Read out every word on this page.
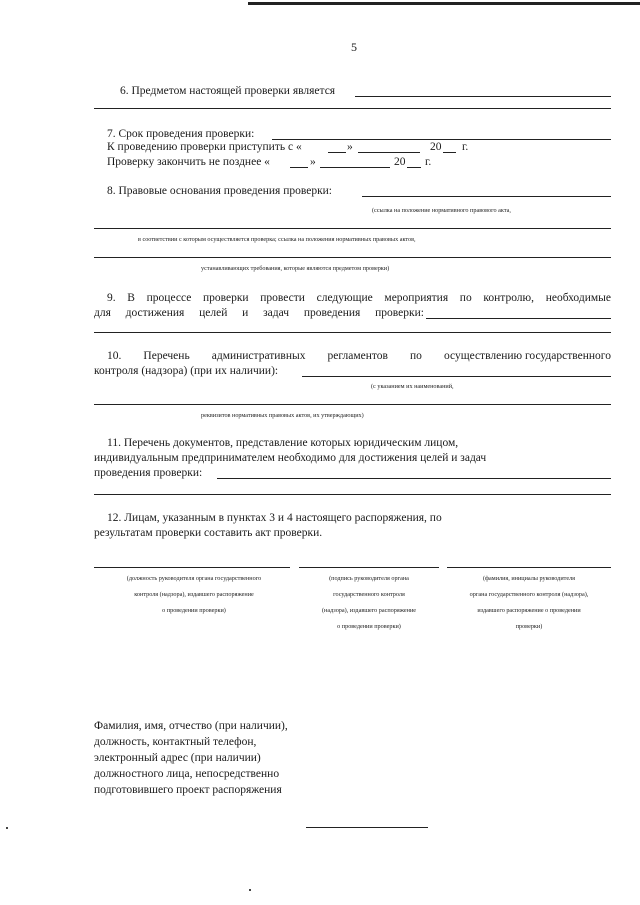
5
6. Предметом настоящей проверки является
7. Срок проведения проверки:
К проведению проверки приступить с «	»	20 г.
Проверку закончить не позднее «	»	20 г.
8. Правовые основания проведения проверки:
(ссылка на положение нормативного правового акта,
в соответствии с которым осуществляется проверка; ссылка на положения нормативных правовых актов,
устанавливающих требования, которые являются предметом проверки)
9. В процессе проверки провести следующие мероприятия по контролю, необходимые
для достижения целей и задач проведения проверки:
10. Перечень административных регламентов по осуществлению государственного
контроля (надзора) (при их наличии):
(с указанием их наименований,
реквизитов нормативных правовых актов, их утверждающих)
11. Перечень документов, представление которых юридическим лицом,
индивидуальным предпринимателем необходимо для достижения целей и задач
проведения проверки:
12. Лицам, указанным в пунктах 3 и 4 настоящего распоряжения, по
результатам проверки составить акт проверки.
(должность руководителя органа государственного
контроля (надзора), издавшего распоряжение
о проведении проверки)
(подпись руководителя органа
государственного контроля
(надзора), издавшего распоряжение
о проведении проверки)
(фамилия, инициалы руководителя
органа государственного контроля (надзора),
издавшего распоряжение о проведении
проверки)
Фамилия, имя, отчество (при наличии),
должность, контактный телефон,
электронный адрес (при наличии)
должностного лица, непосредственно
подготовившего проект распоряжения
